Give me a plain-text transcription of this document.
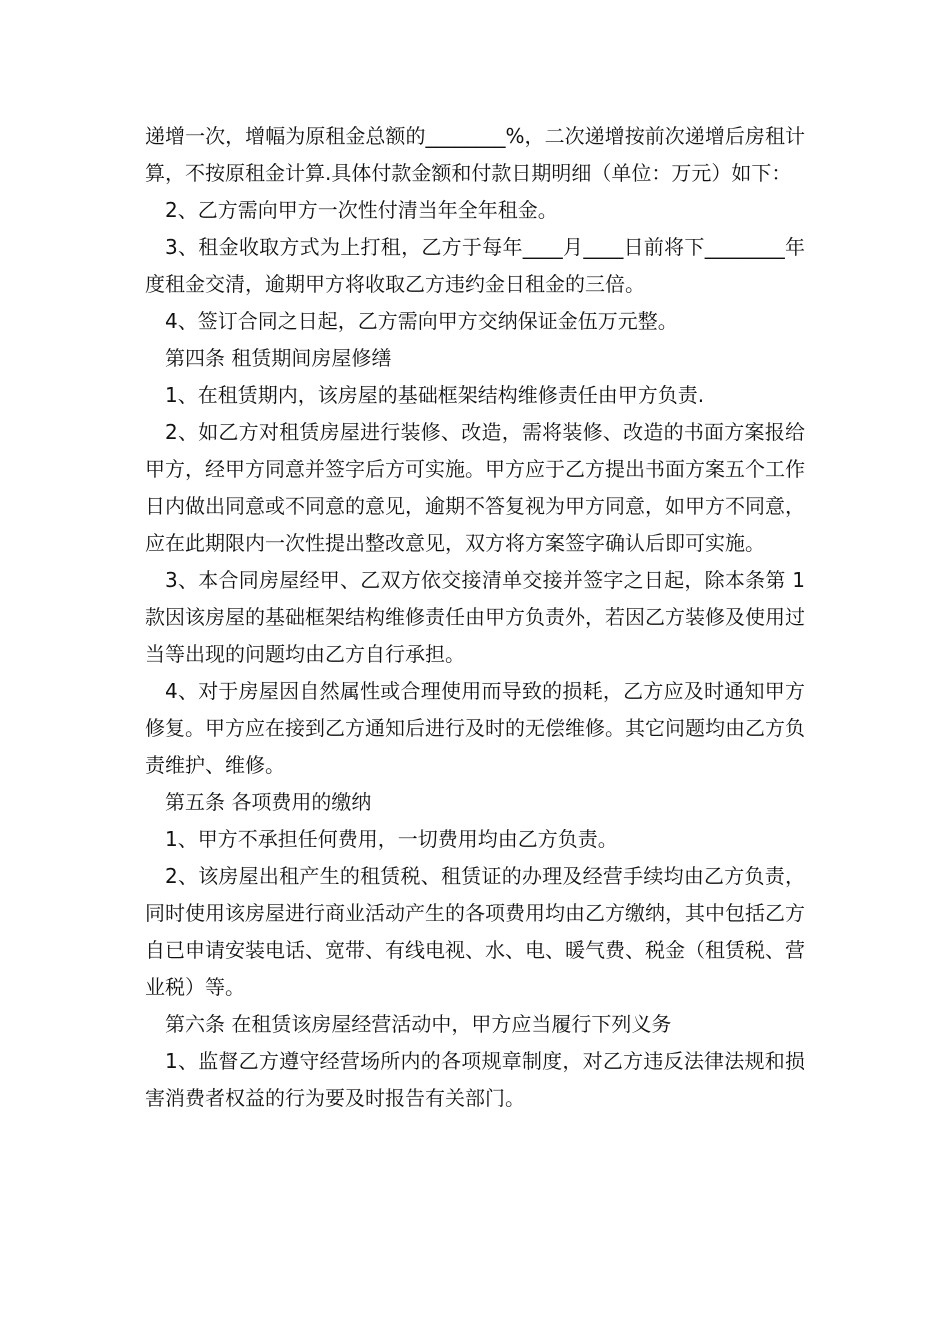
递增一次，增幅为原租金总额的________%，二次递增按前次递增后房租计算，不按原租金计算.具体付款金额和付款日期明细（单位：万元）如下：

2、乙方需向甲方一次性付清当年全年租金。

3、租金收取方式为上打租，乙方于每年____月____日前将下________年度租金交清，逾期甲方将收取乙方违约金日租金的三倍。

4、签订合同之日起，乙方需向甲方交纳保证金伍万元整。

第四条 租赁期间房屋修缮

1、在租赁期内，该房屋的基础框架结构维修责任由甲方负责.

2、如乙方对租赁房屋进行装修、改造，需将装修、改造的书面方案报给甲方，经甲方同意并签字后方可实施。甲方应于乙方提出书面方案五个工作日内做出同意或不同意的意见，逾期不答复视为甲方同意，如甲方不同意，应在此期限内一次性提出整改意见，双方将方案签字确认后即可实施。

3、本合同房屋经甲、乙双方依交接清单交接并签字之日起，除本条第 1 款因该房屋的基础框架结构维修责任由甲方负责外，若因乙方装修及使用过当等出现的问题均由乙方自行承担。

4、对于房屋因自然属性或合理使用而导致的损耗，乙方应及时通知甲方修复。甲方应在接到乙方通知后进行及时的无偿维修。其它问题均由乙方负责维护、维修。

第五条 各项费用的缴纳

1、甲方不承担任何费用，一切费用均由乙方负责。

2、该房屋出租产生的租赁税、租赁证的办理及经营手续均由乙方负责，同时使用该房屋进行商业活动产生的各项费用均由乙方缴纳，其中包括乙方自已申请安装电话、宽带、有线电视、水、电、暖气费、税金（租赁税、营业税）等。

第六条 在租赁该房屋经营活动中，甲方应当履行下列义务

1、监督乙方遵守经营场所内的各项规章制度，对乙方违反法律法规和损害消费者权益的行为要及时报告有关部门。
